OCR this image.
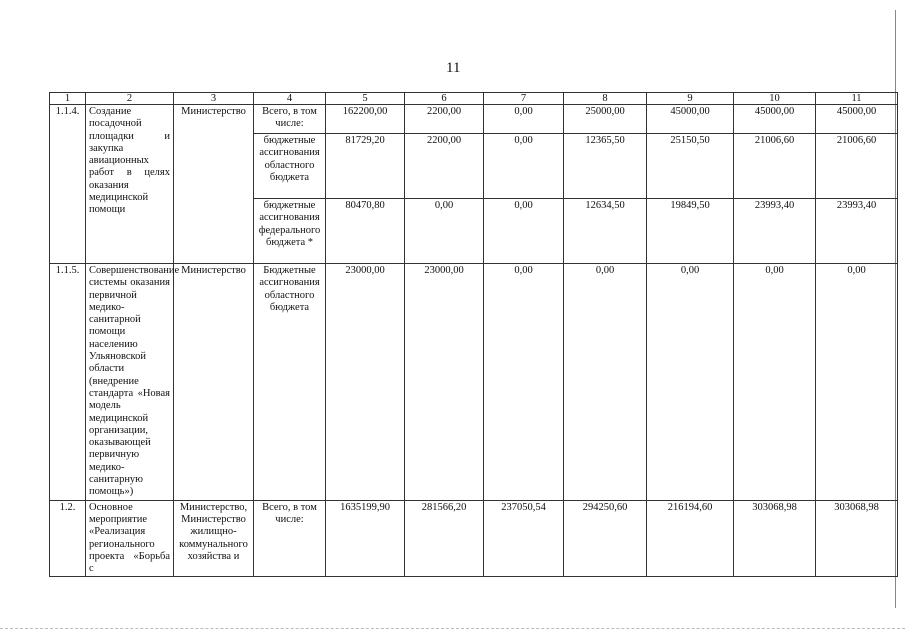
11
1	2	3	4	5	6	7	8	9	10	11
1.1.4.	Создание посадочной площадки и закупка авиационных работ в целях оказания медицинской помощи	Министерство	Всего, в том числе:	162200,00	2200,00	0,00	25000,00	45000,00	45000,00	45000,00
			бюджетные ассигнования областного бюджета	81729,20	2200,00	0,00	12365,50	25150,50	21006,60	21006,60
			бюджетные ассигнования федерального бюджета *	80470,80	0,00	0,00	12634,50	19849,50	23993,40	23993,40
1.1.5.	Совершенствование системы оказания первичной медико-санитарной помощи населению Ульяновской области (внедрение стандарта «Новая модель медицинской организации, оказывающей первичную медико-санитарную помощь»)	Министерство	Бюджетные ассигнования областного бюджета	23000,00	23000,00	0,00	0,00	0,00	0,00	0,00
1.2.	Основное мероприятие «Реализация регионального проекта «Борьба с	Министерство, Министерство жилищно-коммунального хозяйства и	Всего, в том числе:	1635199,90	281566,20	237050,54	294250,60	216194,60	303068,98	303068,98
